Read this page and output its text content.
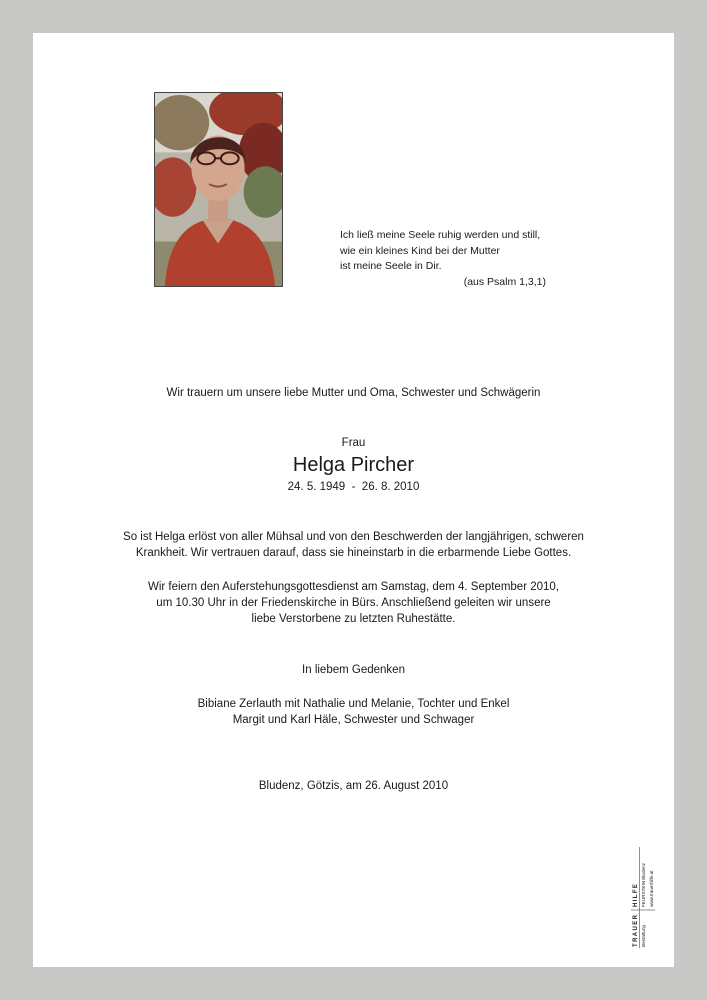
Ich ließ meine Seele ruhig werden und still,
wie ein kleines Kind bei der Mutter
ist meine Seele in Dir.
(aus Psalm 1,3,1)
Wir trauern um unsere liebe Mutter und Oma, Schwester und Schwägerin
Frau
Helga Pircher
24. 5. 1949  -  26. 8. 2010
So ist Helga erlöst von aller Mühsal und von den Beschwerden der langjährigen, schweren
Krankheit. Wir vertrauen darauf, dass sie hineinstarb in die erbarmende Liebe Gottes.
Wir feiern den Auferstehungsgottesdienst am Samstag, dem 4. September 2010,
um 10.30 Uhr in der Friedenskirche in Bürs. Anschließend geleiten wir unsere
liebe Verstorbene zu letzten Ruhestätte.
In liebem Gedenken
Bibiane Zerlauth mit Nathalie und Melanie, Tochter und Enkel
Margit und Karl Häle, Schwester und Schwager
Bludenz, Götzis, am 26. August 2010
TRAUER
HILFE
Bestattung
FEURSTEIN Bludenz www.trauerhilfe.at
